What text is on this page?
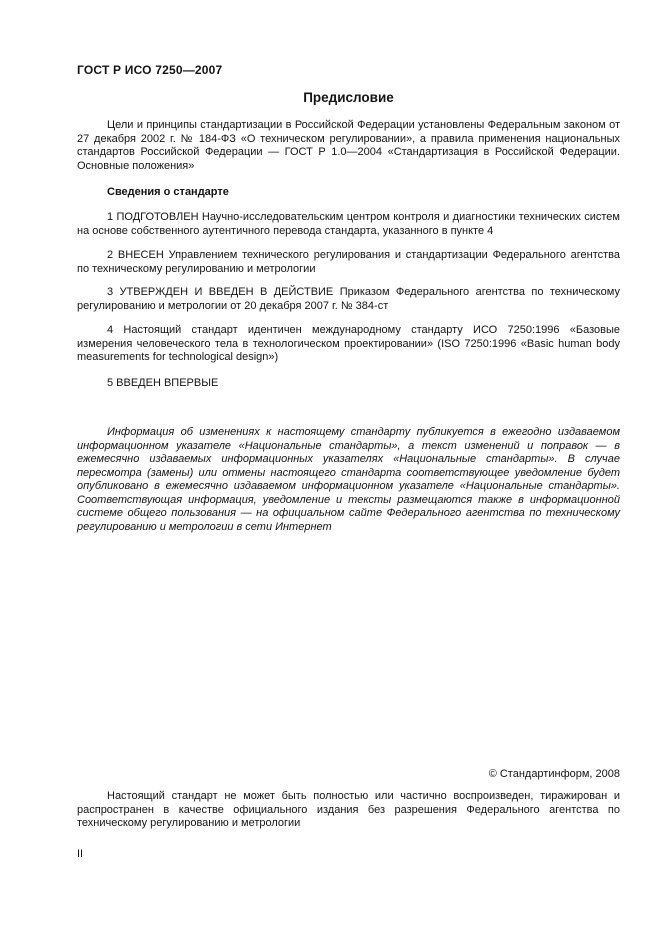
ГОСТ Р ИСО 7250—2007
Предисловие

Цели и принципы стандартизации в Российской Федерации установлены Федеральным законом от 27 декабря 2002 г. № 184-ФЗ «О техническом регулировании», а правила применения национальных стандартов Российской Федерации — ГОСТ Р 1.0—2004 «Стандартизация в Российской Федерации. Основные положения»

Сведения о стандарте

1 ПОДГОТОВЛЕН Научно-исследовательским центром контроля и диагностики технических систем на основе собственного аутентичного перевода стандарта, указанного в пункте 4

2 ВНЕСЕН Управлением технического регулирования и стандартизации Федерального агентства по техническому регулированию и метрологии

3 УТВЕРЖДЕН И ВВЕДЕН В ДЕЙСТВИЕ Приказом Федерального агентства по техническому регулированию и метрологии от 20 декабря 2007 г. № 384-ст

4 Настоящий стандарт идентичен международному стандарту ИСО 7250:1996 «Базовые измерения человеческого тела в технологическом проектировании» (ISO 7250:1996 «Basic human body measurements for technological design»)

5 ВВЕДЕН ВПЕРВЫЕ

Информация об изменениях к настоящему стандарту публикуется в ежегодно издаваемом информационном указателе «Национальные стандарты», а текст изменений и поправок — в ежемесячно издаваемых информационных указателях «Национальные стандарты». В случае пересмотра (замены) или отмены настоящего стандарта соответствующее уведомление будет опубликовано в ежемесячно издаваемом информационном указателе «Национальные стандарты». Соответствующая информация, уведомление и тексты размещаются также в информационной системе общего пользования — на официальном сайте Федерального агентства по техническому регулированию и метрологии в сети Интернет

© Стандартинформ, 2008

Настоящий стандарт не может быть полностью или частично воспроизведен, тиражирован и распространен в качестве официального издания без разрешения Федерального агентства по техническому регулированию и метрологии

II
